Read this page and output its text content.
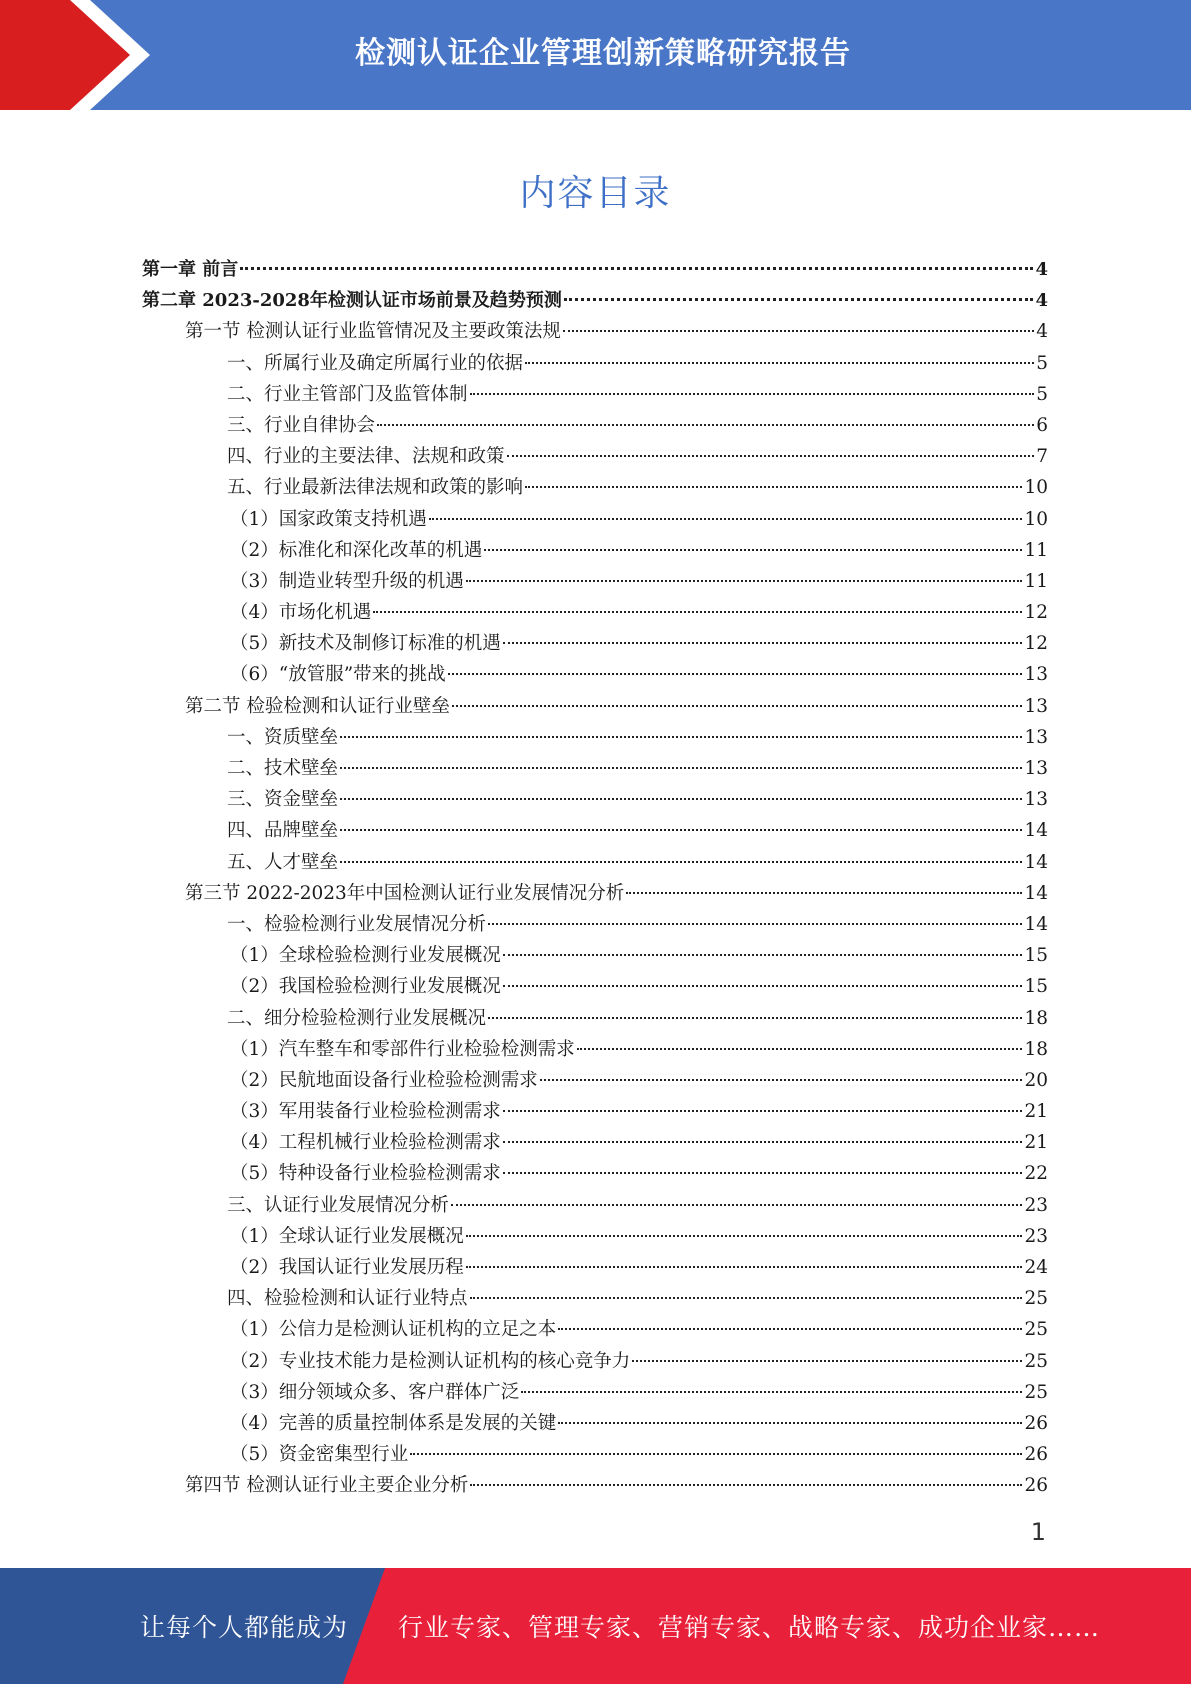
检测认证企业管理创新策略研究报告
内容目录
第一章 前言	4
第二章 2023-2028年检测认证市场前景及趋势预测	4
第一节 检测认证行业监管情况及主要政策法规	4
一、所属行业及确定所属行业的依据	5
二、行业主管部门及监管体制	5
三、行业自律协会	6
四、行业的主要法律、法规和政策	7
五、行业最新法律法规和政策的影响	10
（1）国家政策支持机遇	10
（2）标准化和深化改革的机遇	11
（3）制造业转型升级的机遇	11
（4）市场化机遇	12
（5）新技术及制修订标准的机遇	12
（6）“放管服”带来的挑战	13
第二节 检验检测和认证行业壁垒	13
一、资质壁垒	13
二、技术壁垒	13
三、资金壁垒	13
四、品牌壁垒	14
五、人才壁垒	14
第三节 2022-2023年中国检测认证行业发展情况分析	14
一、检验检测行业发展情况分析	14
（1）全球检验检测行业发展概况	15
（2）我国检验检测行业发展概况	15
二、细分检验检测行业发展概况	18
（1）汽车整车和零部件行业检验检测需求	18
（2）民航地面设备行业检验检测需求	20
（3）军用装备行业检验检测需求	21
（4）工程机械行业检验检测需求	21
（5）特种设备行业检验检测需求	22
三、认证行业发展情况分析	23
（1）全球认证行业发展概况	23
（2）我国认证行业发展历程	24
四、检验检测和认证行业特点	25
（1）公信力是检测认证机构的立足之本	25
（2）专业技术能力是检测认证机构的核心竞争力	25
（3）细分领域众多、客户群体广泛	25
（4）完善的质量控制体系是发展的关键	26
（5）资金密集型行业	26
第四节 检测认证行业主要企业分析	26
1
让每个人都能成为 行业专家、管理专家、营销专家、战略专家、成功企业家……
